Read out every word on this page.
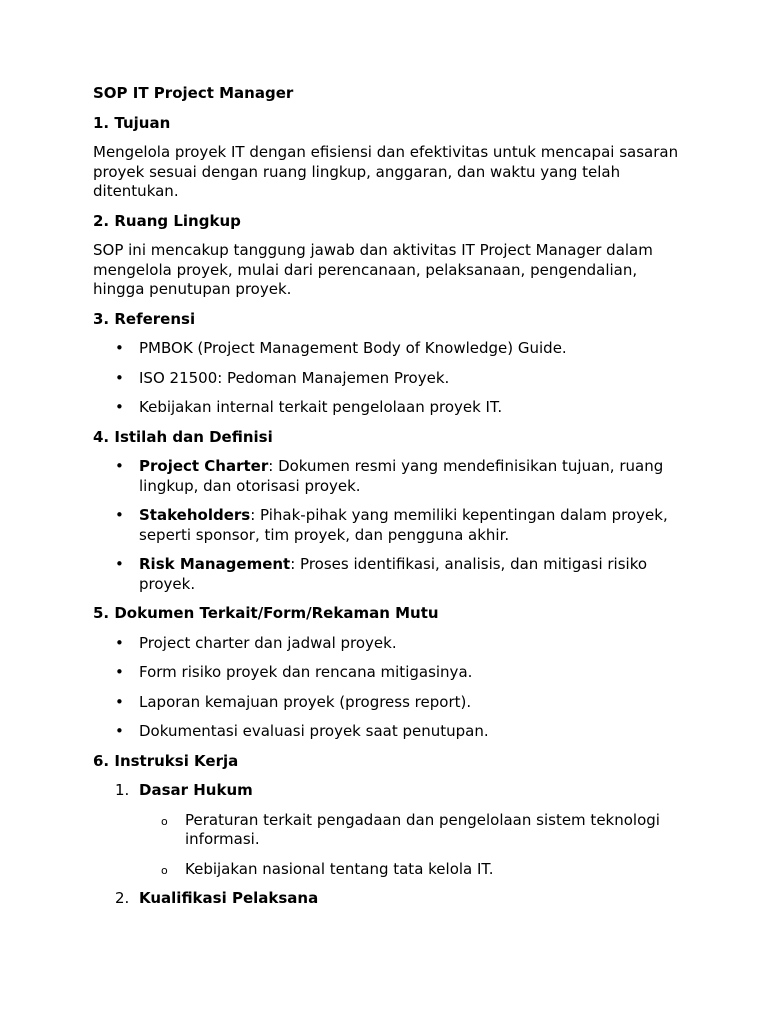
SOP IT Project Manager
1. Tujuan
Mengelola proyek IT dengan efisiensi dan efektivitas untuk mencapai sasaran proyek sesuai dengan ruang lingkup, anggaran, dan waktu yang telah ditentukan.
2. Ruang Lingkup
SOP ini mencakup tanggung jawab dan aktivitas IT Project Manager dalam mengelola proyek, mulai dari perencanaan, pelaksanaan, pengendalian, hingga penutupan proyek.
3. Referensi
• PMBOK (Project Management Body of Knowledge) Guide.
• ISO 21500: Pedoman Manajemen Proyek.
• Kebijakan internal terkait pengelolaan proyek IT.
4. Istilah dan Definisi
• Project Charter: Dokumen resmi yang mendefinisikan tujuan, ruang lingkup, dan otorisasi proyek.
• Stakeholders: Pihak-pihak yang memiliki kepentingan dalam proyek, seperti sponsor, tim proyek, dan pengguna akhir.
• Risk Management: Proses identifikasi, analisis, dan mitigasi risiko proyek.
5. Dokumen Terkait/Form/Rekaman Mutu
• Project charter dan jadwal proyek.
• Form risiko proyek dan rencana mitigasinya.
• Laporan kemajuan proyek (progress report).
• Dokumentasi evaluasi proyek saat penutupan.
6. Instruksi Kerja
1. Dasar Hukum
o Peraturan terkait pengadaan dan pengelolaan sistem teknologi informasi.
o Kebijakan nasional tentang tata kelola IT.
2. Kualifikasi Pelaksana
